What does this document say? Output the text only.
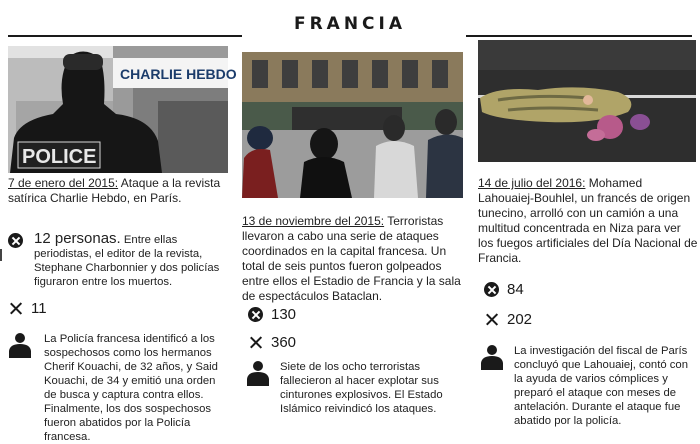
FRANCIA
CHARLIE HEBDO
POLICE
7 de enero del 2015: Ataque a la revista satírica Charlie Hebdo, en París.
12 personas. Entre ellas periodistas, el editor de la revista, Stephane Charbonnier y dos policías figuraron entre los muertos.
11
La Policía francesa identificó a los sospechosos como los hermanos Cherif Kouachi, de 32 años, y Said Kouachi, de 34 y emitió una orden de busca y captura contra ellos. Finalmente, los dos sospechosos fueron abatidos por la Policía francesa.
13 de noviembre del 2015: Terroristas llevaron a cabo una serie de ataques coordinados en la capital francesa. Un total de seis puntos fueron golpeados entre ellos el Estadio de Francia y la sala de espectáculos Bataclan.
130
360
Siete de los ocho terroristas fallecieron al hacer explotar sus cinturones explosivos. El Estado Islámico reivindicó los ataques.
14 de julio del 2016: Mohamed Lahouaiej-Bouhlel, un francés de origen tunecino, arrolló con un camión a una multitud concentrada en Niza para ver los fuegos artificiales del Día Nacional de Francia.
84
202
La investigación del fiscal de París concluyó que Lahouaiej, contó con la ayuda de varios cómplices y preparó el ataque con meses de antelación. Durante el ataque fue abatido por la policía.
